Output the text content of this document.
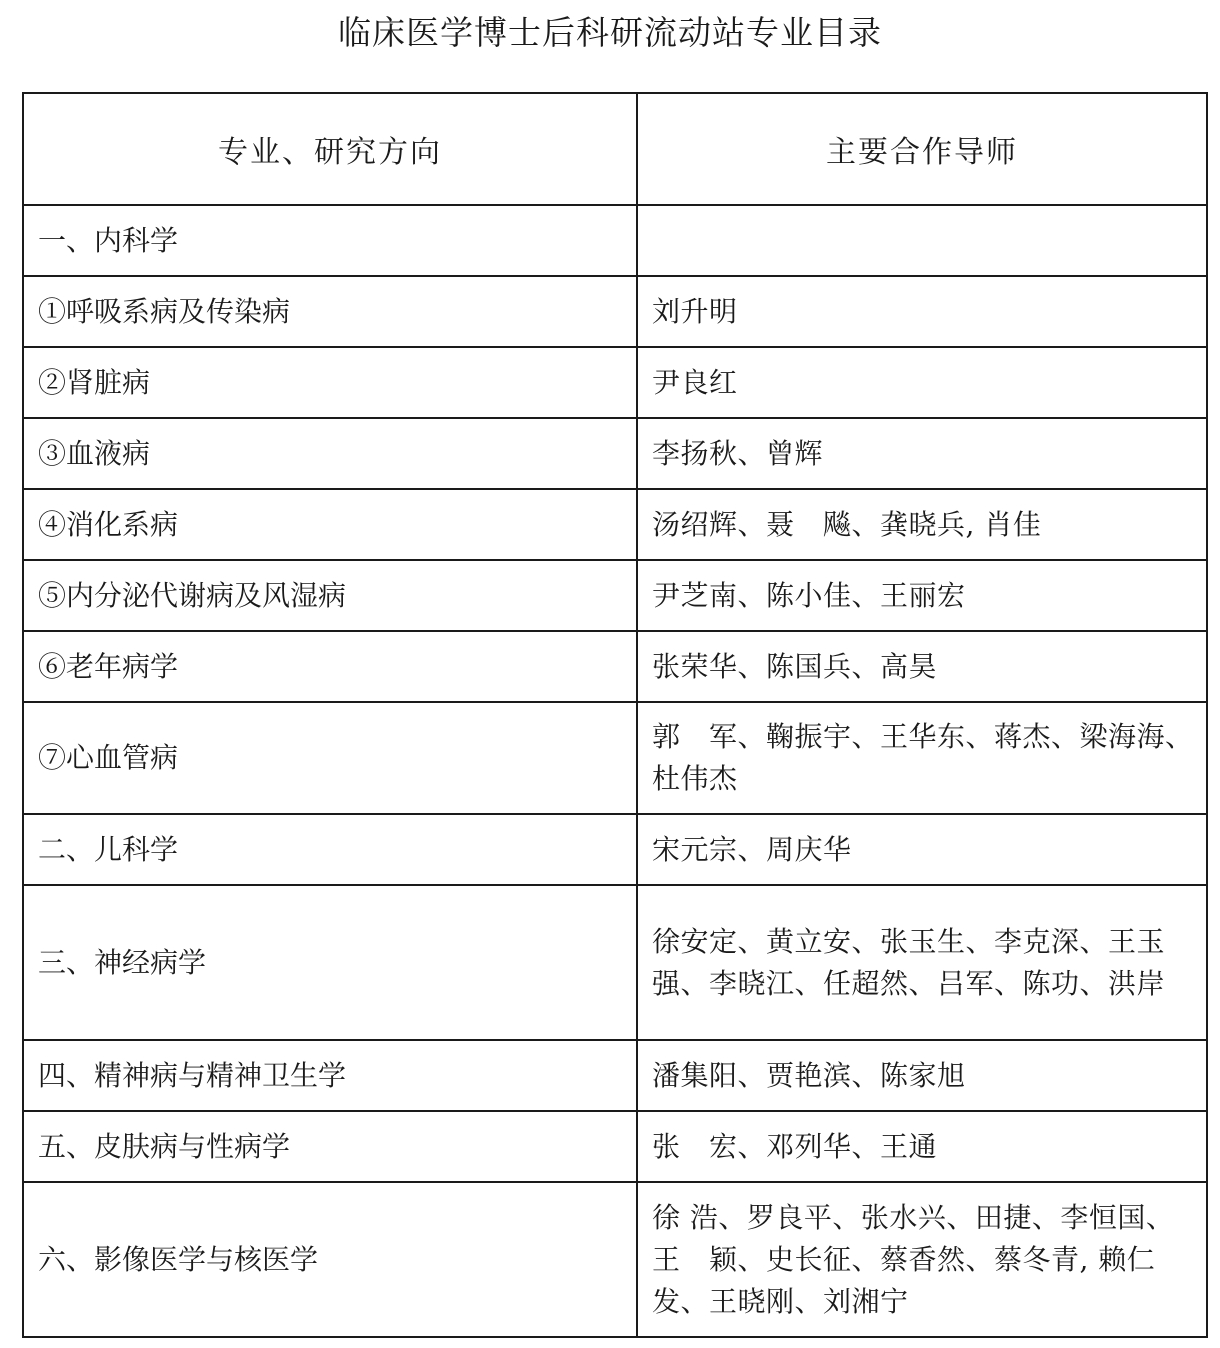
临床医学博士后科研流动站专业目录
专业、研究方向	主要合作导师
一、内科学	
①呼吸系病及传染病	刘升明
②肾脏病	尹良红
③血液病	李扬秋、曾辉
④消化系病	汤绍辉、聂　飚、龚晓兵, 肖佳
⑤内分泌代谢病及风湿病	尹芝南、陈小佳、王丽宏
⑥老年病学	张荣华、陈国兵、高昊
⑦心血管病	郭　军、鞠振宇、王华东、蒋杰、梁海海、杜伟杰
二、儿科学	宋元宗、周庆华
三、神经病学	徐安定、黄立安、张玉生、李克深、王玉强、李晓江、任超然、吕军、陈功、洪岸
四、精神病与精神卫生学	潘集阳、贾艳滨、陈家旭
五、皮肤病与性病学	张　宏、邓列华、王通
六、影像医学与核医学	徐 浩、罗良平、张水兴、田捷、李恒国、王　颖、史长征、蔡香然、蔡冬青, 赖仁发、王晓刚、刘湘宁
